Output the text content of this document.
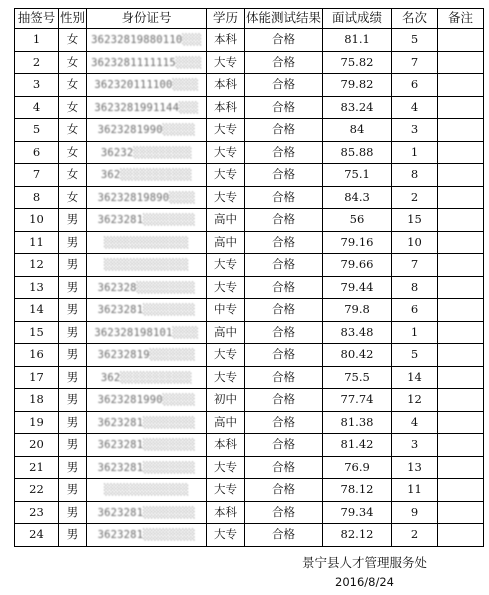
抽签号	性别	身份证号	学历	体能测试结果	面试成绩	名次	备注
1	女	36232819880110░░░	本科	合格	81.1	5	
2	女	3623281111115░░░░	大专	合格	75.82	7	
3	女	362320111100░░░░	本科	合格	79.82	6	
4	女	3623281991144░░░	本科	合格	83.24	4	
5	女	3623281990░░░░░	大专	合格	84	3	
6	女	36232░░░░░░░░░	大专	合格	85.88	1	
7	女	362░░░░░░░░░░░	大专	合格	75.1	8	
8	女	36232819890░░░░	大专	合格	84.3	2	
10	男	3623281░░░░░░░░	高中	合格	56	15	
11	男	░░░░░░░░░░░░░	高中	合格	79.16	10	
12	男	░░░░░░░░░░░░░	大专	合格	79.66	7	
13	男	362328░░░░░░░░░	大专	合格	79.44	8	
14	男	3623281░░░░░░░░	中专	合格	79.8	6	
15	男	362328198101░░░░	高中	合格	83.48	1	
16	男	36232819░░░░░░░	大专	合格	80.42	5	
17	男	362░░░░░░░░░░░	大专	合格	75.5	14	
18	男	3623281990░░░░░	初中	合格	77.74	12	
19	男	3623281░░░░░░░░	高中	合格	81.38	4	
20	男	3623281░░░░░░░░	本科	合格	81.42	3	
21	男	3623281░░░░░░░░	大专	合格	76.9	13	
22	男	░░░░░░░░░░░░░	大专	合格	78.12	11	
23	男	3623281░░░░░░░░	本科	合格	79.34	9	
24	男	3623281░░░░░░░░	大专	合格	82.12	2	
景宁县人才管理服务处
2016/8/24
